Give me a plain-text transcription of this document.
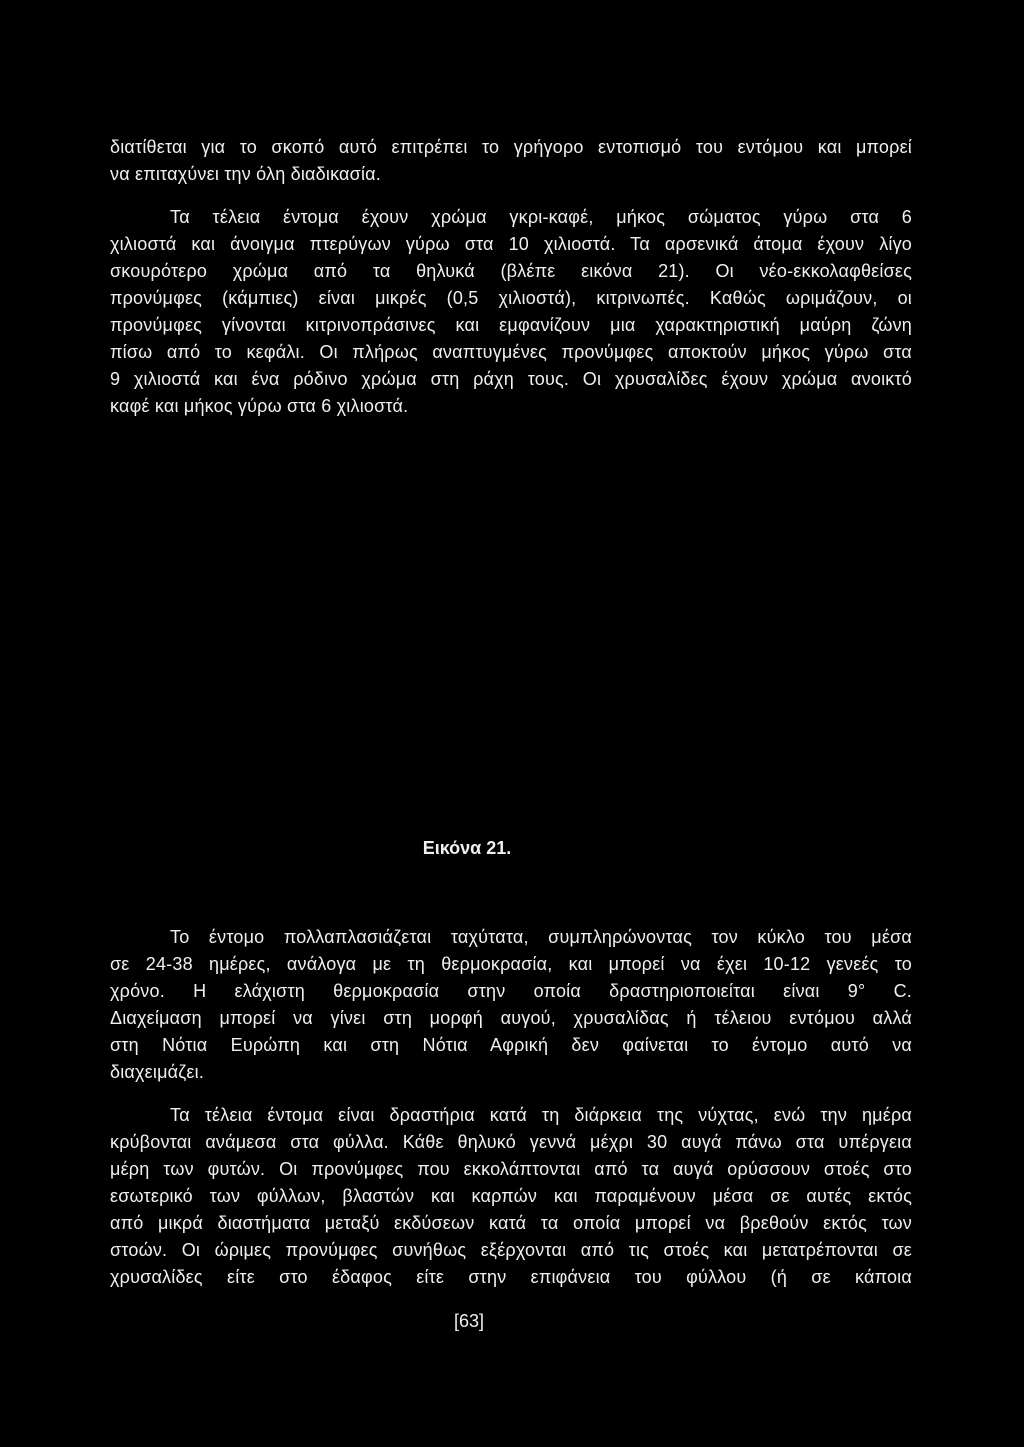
διατίθεται για το σκοπό αυτό επιτρέπει το γρήγορο εντοπισμό του εντόμου και μπορεί
να επιταχύνει την όλη διαδικασία.
Τα τέλεια έντομα έχουν χρώμα γκρι-καφέ, μήκος σώματος γύρω στα 6
χιλιοστά και άνοιγμα πτερύγων γύρω στα 10 χιλιοστά. Τα αρσενικά άτομα έχουν λίγο
σκουρότερο χρώμα από τα θηλυκά (βλέπε εικόνα 21). Οι νέο-εκκολαφθείσες
προνύμφες (κάμπιες) είναι μικρές (0,5 χιλιοστά), κιτρινωπές. Καθώς ωριμάζουν, οι
προνύμφες γίνονται κιτρινοπράσινες και εμφανίζουν μια χαρακτηριστική μαύρη ζώνη
πίσω από το κεφάλι. Οι πλήρως αναπτυγμένες προνύμφες αποκτούν μήκος γύρω στα
9 χιλιοστά και ένα ρόδινο χρώμα στη ράχη τους. Οι χρυσαλίδες έχουν χρώμα ανοικτό
καφέ και μήκος γύρω στα 6 χιλιοστά.
Εικόνα 21.
Το έντομο πολλαπλασιάζεται ταχύτατα, συμπληρώνοντας τον κύκλο του μέσα
σε 24-38 ημέρες, ανάλογα με τη θερμοκρασία, και μπορεί να έχει 10-12 γενεές το
χρόνο. Η ελάχιστη θερμοκρασία στην οποία δραστηριοποιείται είναι 9° C.
Διαχείμαση μπορεί να γίνει στη μορφή αυγού, χρυσαλίδας ή τέλειου εντόμου αλλά
στη Νότια Ευρώπη και στη Νότια Αφρική δεν φαίνεται το έντομο αυτό να
διαχειμάζει.
Τα τέλεια έντομα είναι δραστήρια κατά τη διάρκεια της νύχτας, ενώ την ημέρα
κρύβονται ανάμεσα στα φύλλα. Κάθε θηλυκό γεννά μέχρι 30 αυγά πάνω στα υπέργεια
μέρη των φυτών. Οι προνύμφες που εκκολάπτονται από τα αυγά ορύσσουν στοές στο
εσωτερικό των φύλλων, βλαστών και καρπών και παραμένουν μέσα σε αυτές εκτός
από μικρά διαστήματα μεταξύ εκδύσεων κατά τα οποία μπορεί να βρεθούν εκτός των
στοών. Οι ώριμες προνύμφες συνήθως εξέρχονται από τις στοές και μετατρέπονται σε
χρυσαλίδες είτε στο έδαφος είτε στην επιφάνεια του φύλλου (ή σε κάποια
[63]
